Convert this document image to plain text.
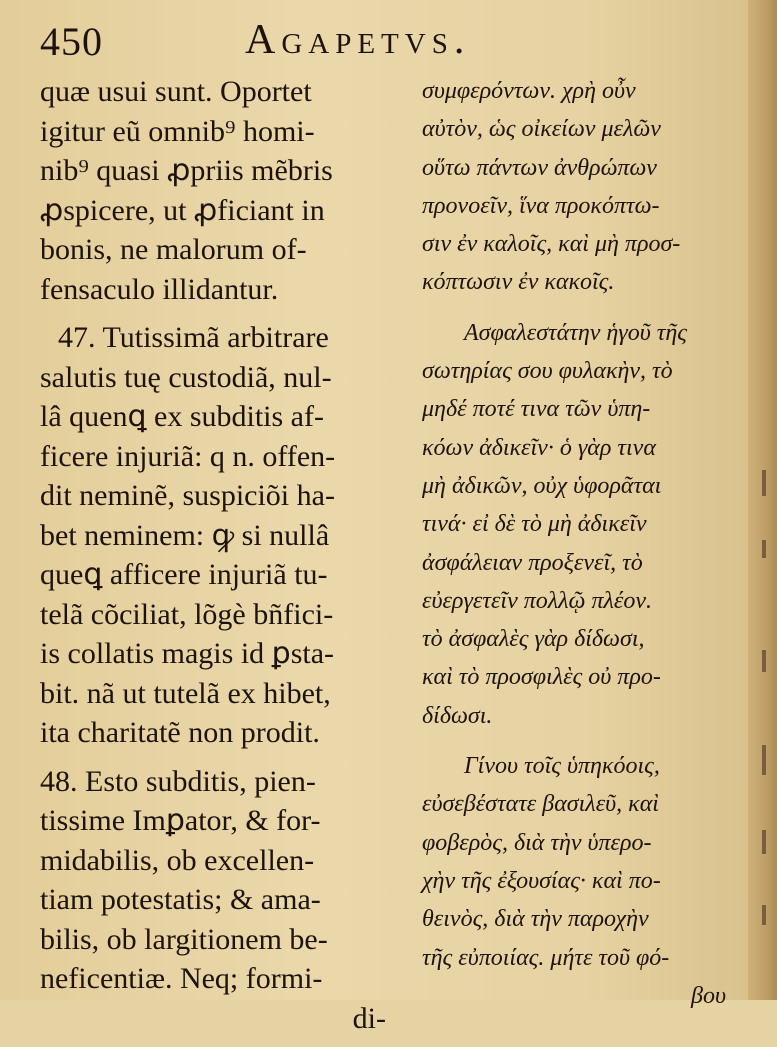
450	Agapetvs.
quæ usui sunt. Oportet
igitur eũ omnib⁹ homi-
nib⁹ quasi ꝓpriis mẽbris
ꝓspicere, ut ꝓficiant in
bonis, ne malorum of-
fensaculo illidantur.
47. Tutissimã arbitrare
salutis tuę custodiã, nul-
lâ quenꝗ ex subditis af-
ficere injuriã: q n. offen-
dit neminẽ, suspiciõi ha-
bet neminem: ꝙ si nullâ
queꝗ afficere injuriã tu-
telã cõciliat, lõgè bñfici-
is collatis magis id ꝑsta-
bit. nã ut tutelã ex hibet,
ita charitatẽ non prodit.
48. Esto subditis, pien-
tissime Imꝑator, & for-
midabilis, ob excellen-
tiam potestatis; & ama-
bilis, ob largitionem be-
neficentiæ. Neq; formi-
di-
συμφερόντων. χρὴ οὖν
αὐτὸν, ὡς οἰκείων μελῶν
οὕτω πάντων ἀνθρώπων
προνοεῖν, ἵνα προκόπτω-
σιν ἐν καλοῖς, καὶ μὴ προσ-
κόπτωσιν ἐν κακοῖς.
Ασφαλεστάτην ἡγοῦ τῆς
σωτηρίας σου φυλακὴν, τὸ
μηδέ ποτέ τινα τῶν ὑπη-
κόων ἀδικεῖν· ὁ γὰρ τινα
μὴ ἀδικῶν, οὐχ ὑφορᾶται
τινά· εἰ δὲ τὸ μὴ ἀδικεῖν
ἀσφάλειαν προξενεῖ, τὸ
εὐεργετεῖν πολλῷ πλέον.
τὸ ἀσφαλὲς γὰρ δίδωσι,
καὶ τὸ προσφιλὲς οὐ προ-
δίδωσι.
Γίνου τοῖς ὑπηκόοις,
εὐσεβέστατε βασιλεῦ, καὶ
φοβερὸς, διὰ τὴν ὑπερο-
χὴν τῆς ἐξουσίας· καὶ πο-
θεινὸς, διὰ τὴν παροχὴν
τῆς εὐποιίας. μήτε τοῦ φό-
βου
